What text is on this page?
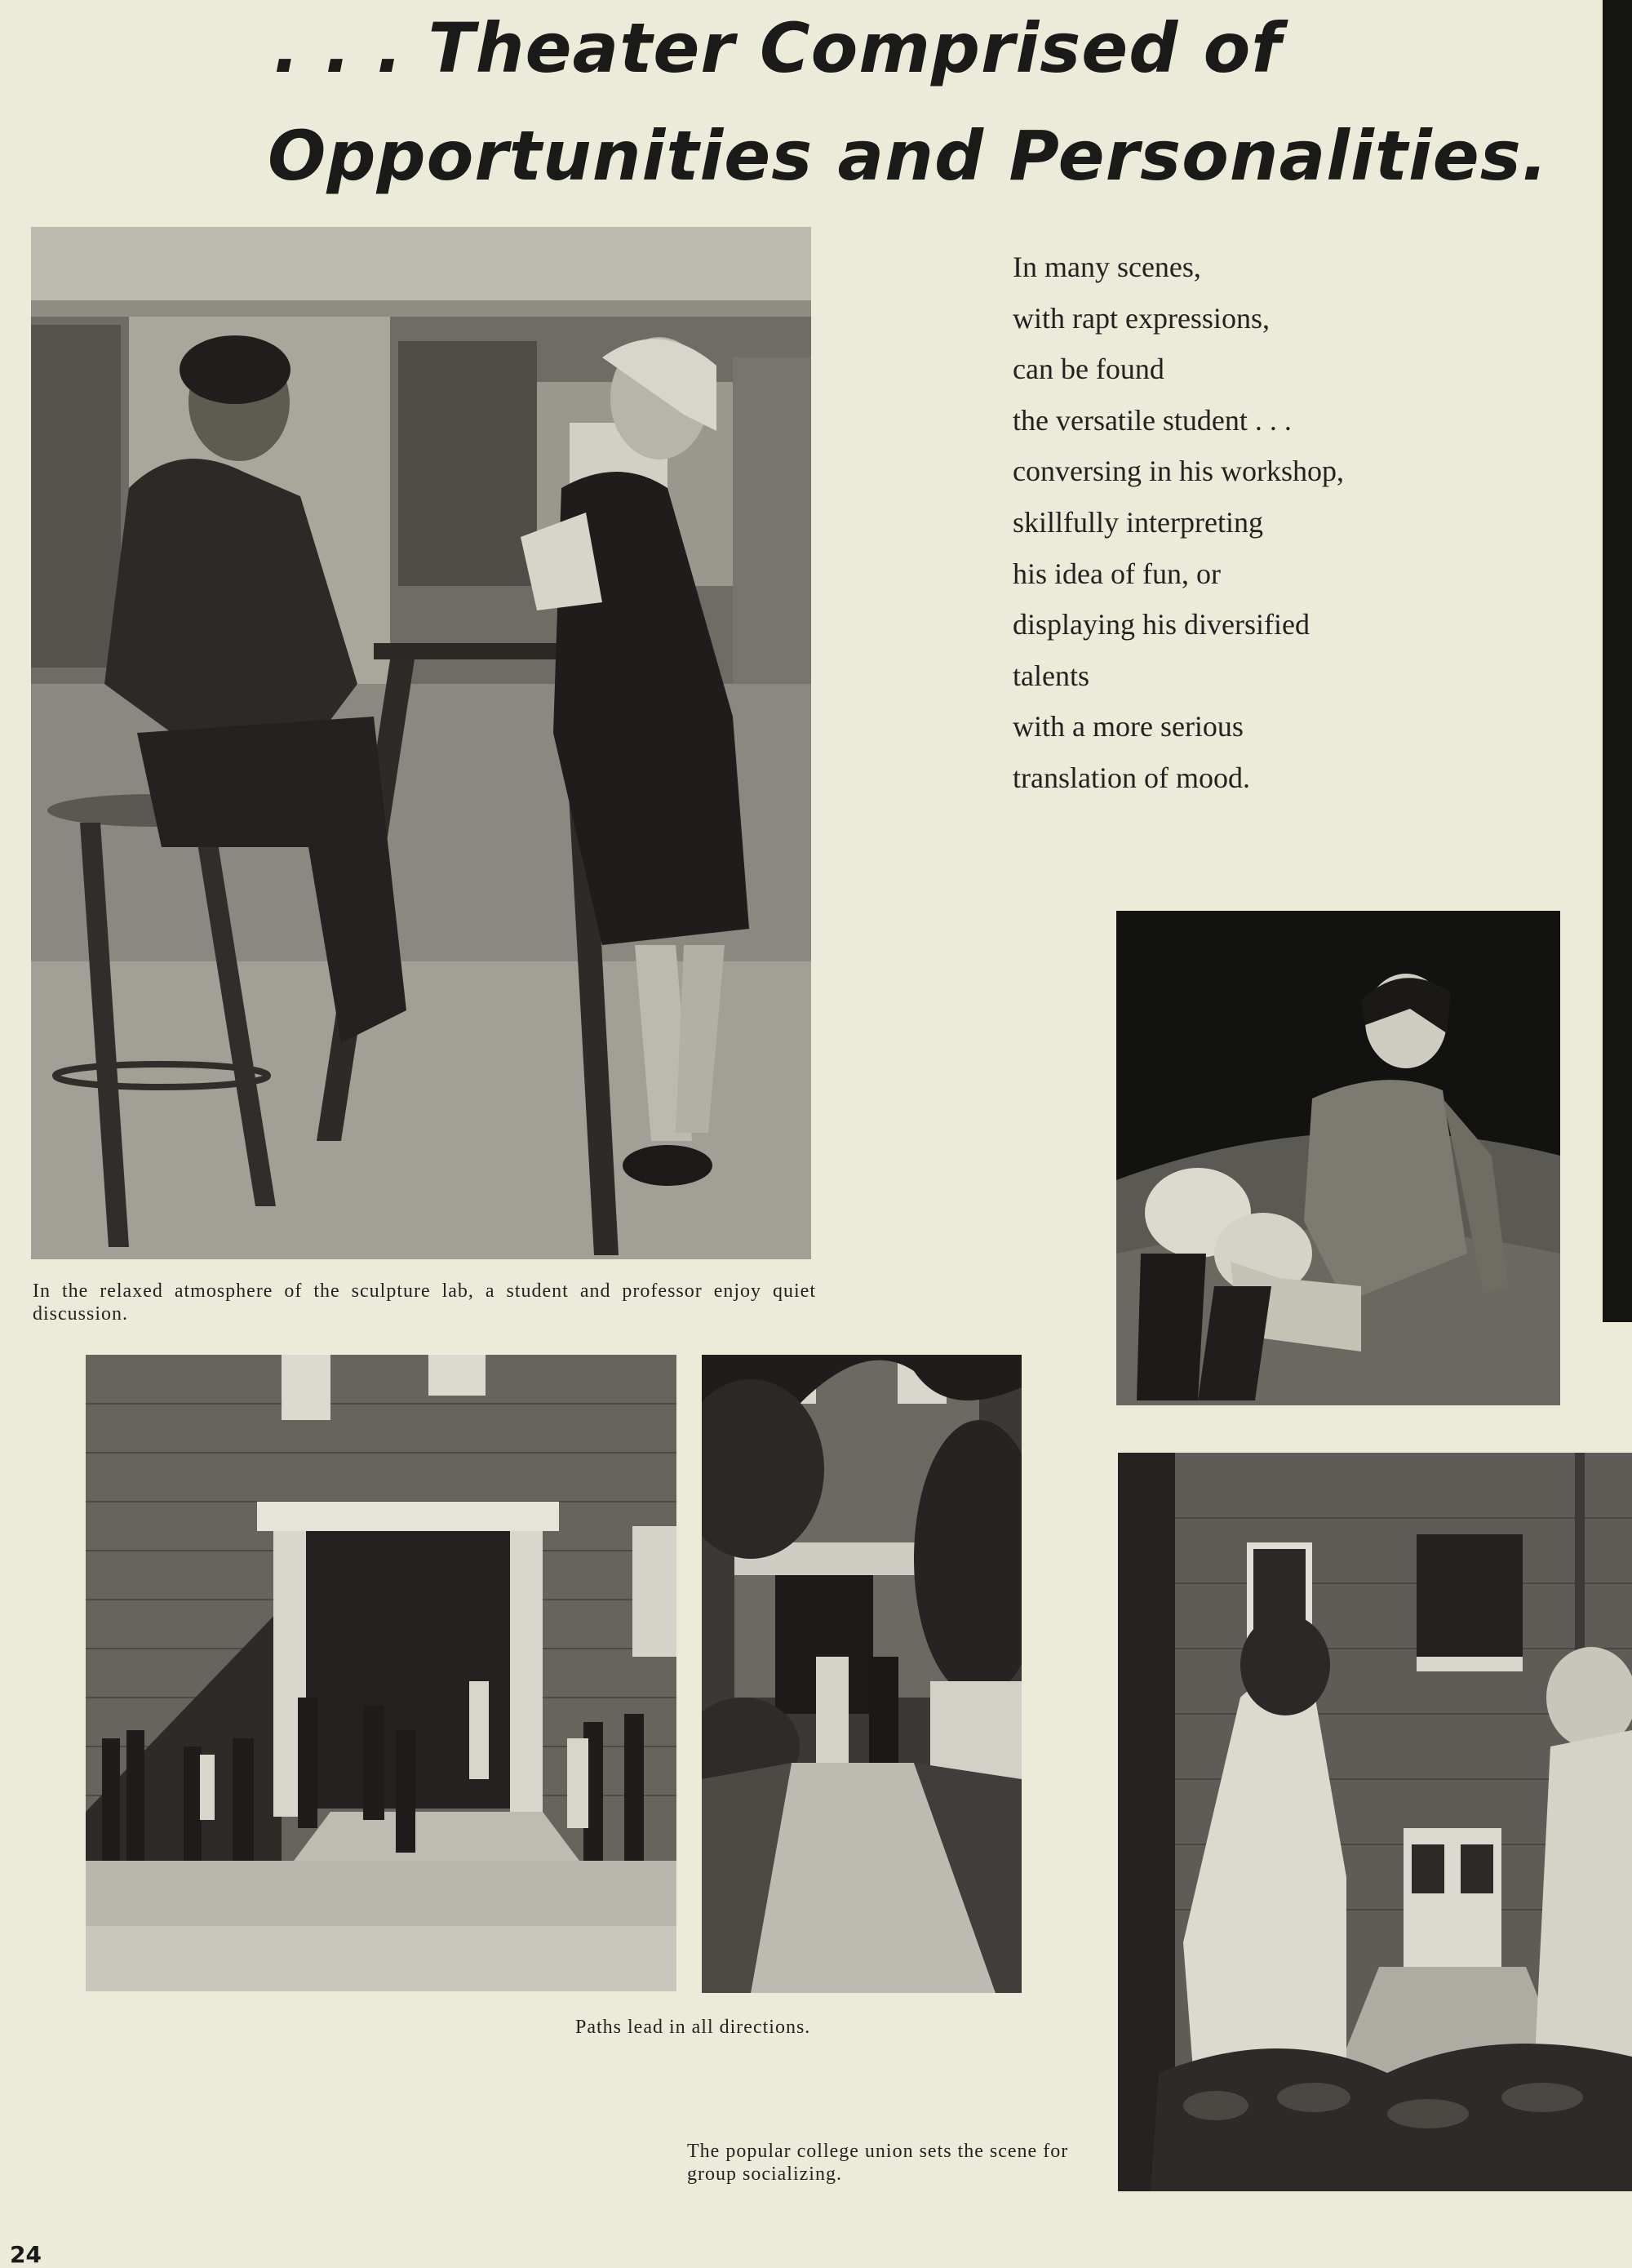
. . . Theater Comprised of
Opportunities and Personalities.
In many scenes,
with rapt expressions,
can be found
the versatile student . . .
conversing in his workshop,
skillfully interpreting
his idea of fun, or
displaying his diversified
talents
with a more serious
translation of mood.

In the relaxed atmosphere of the sculpture lab, a student and professor enjoy quiet discussion.

Paths lead in all directions.

The popular college union sets the scene for group socializing.

24
